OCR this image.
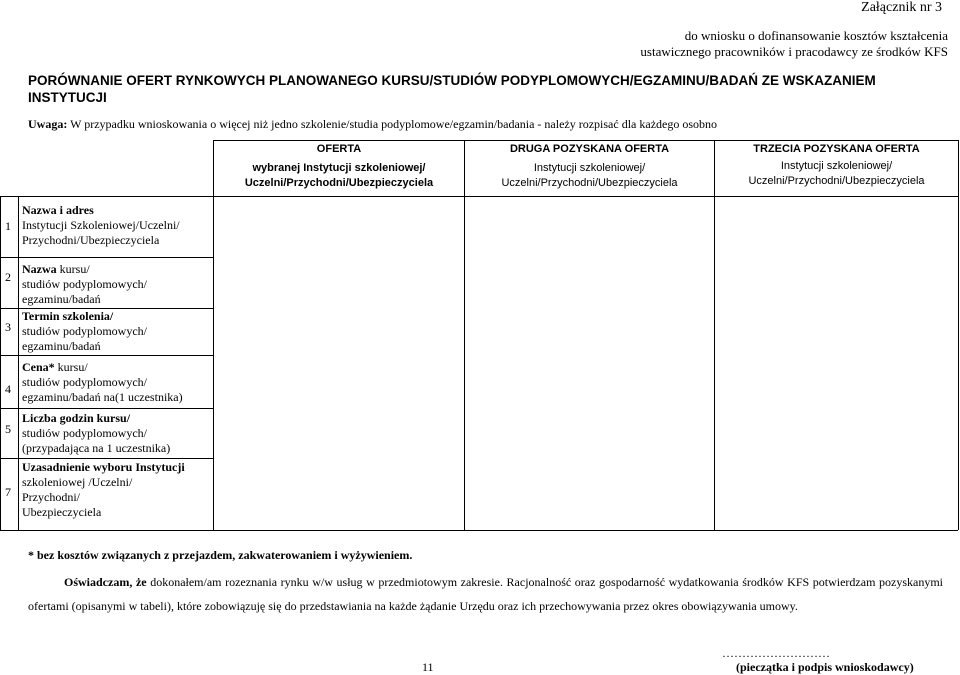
Załącznik nr 3
do wniosku o dofinansowanie kosztów kształcenia
ustawicznego pracowników i pracodawcy ze środków KFS
PORÓWNANIE OFERT RYNKOWYCH PLANOWANEGO KURSU/STUDIÓW PODYPLOMOWYCH/EGZAMINU/BADAŃ ZE WSKAZANIEM
INSTYTUCJI
Uwaga: W przypadku wnioskowania o więcej niż jedno szkolenie/studia podyplomowe/egzamin/badania - należy rozpisać dla każdego osobno
OFERTA
wybranej Instytucji szkoleniowej/
Uczelni/Przychodni/Ubezpieczyciela
DRUGA POZYSKANA OFERTA
Instytucji szkoleniowej/
Uczelni/Przychodni/Ubezpieczyciela
TRZECIA POZYSKANA OFERTA
Instytucji szkoleniowej/
Uczelni/Przychodni/Ubezpieczyciela
1
2
3
4
5
7
Nazwa i adres
Instytucji Szkoleniowej/Uczelni/
Przychodni/Ubezpieczyciela
Nazwa kursu/
studiów podyplomowych/
egzaminu/badań
Termin szkolenia/
studiów podyplomowych/
egzaminu/badań
Cena* kursu/
studiów podyplomowych/
egzaminu/badań na(1 uczestnika)
Liczba godzin kursu/
studiów podyplomowych/
(przypadająca na 1 uczestnika)
Uzasadnienie wyboru Instytucji
szkoleniowej /Uczelni/
Przychodni/
Ubezpieczyciela
* bez kosztów związanych z przejazdem, zakwaterowaniem i wyżywieniem.
Oświadczam, że dokonałem/am rozeznania rynku w/w usług w przedmiotowym zakresie. Racjonalność oraz gospodarność wydatkowania środków KFS potwierdzam pozyskanymi ofertami (opisanymi w tabeli), które zobowiązuję się do przedstawiania na każde żądanie Urzędu oraz ich przechowywania przez okres obowiązywania umowy.
11
………………………
(pieczątka i podpis wnioskodawcy)
